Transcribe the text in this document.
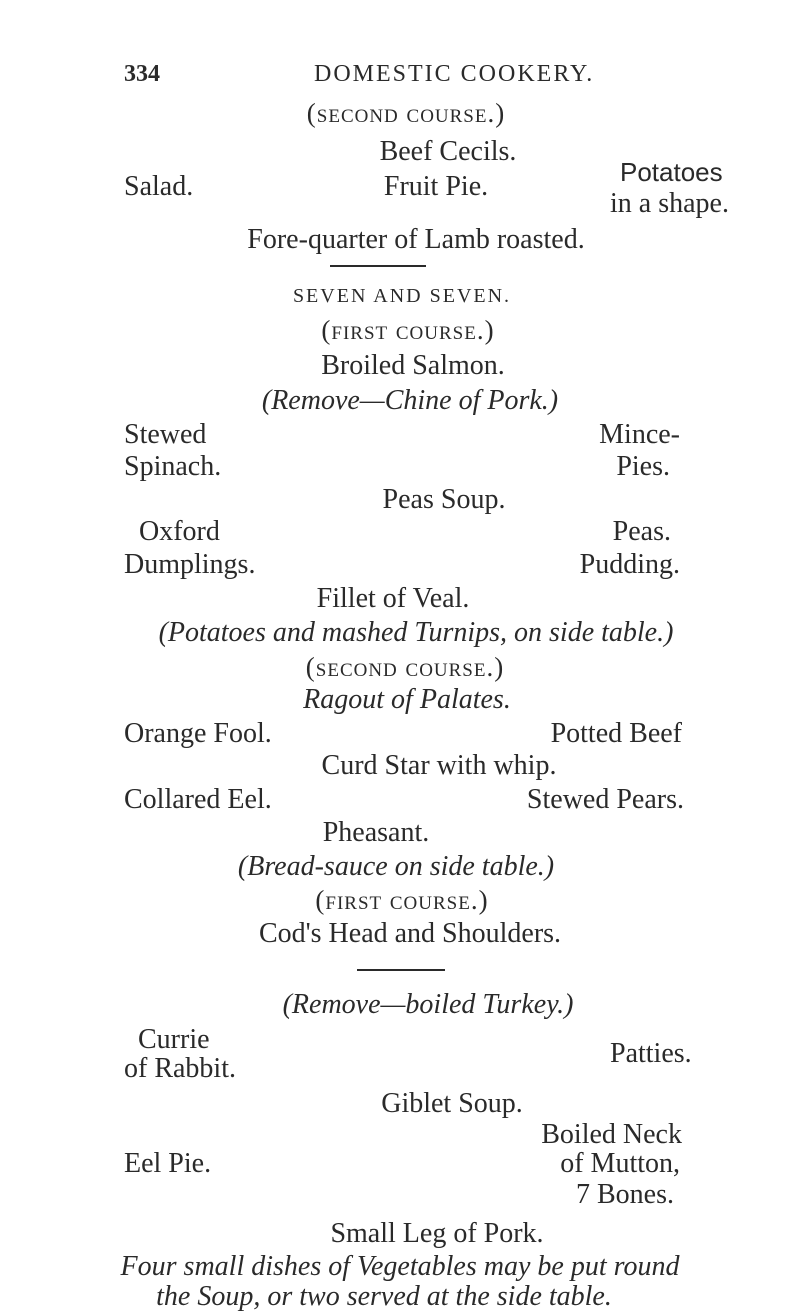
334	DOMESTIC COOKERY.
(second course.)
Beef Cecils.
Salad.	Fruit Pie.	Potatoes
in a shape.
Fore-quarter of Lamb roasted.
SEVEN AND SEVEN.
(first course.)
Broiled Salmon.
(Remove—Chine of Pork.)
Stewed
Spinach.
Mince-
Pies.
Peas Soup.
Oxford
Dumplings.
Peas.
Pudding.
Fillet of Veal.
(Potatoes and mashed Turnips, on side table.)
(second course.)
Ragout of Palates.
Orange Fool.	Potted Beef
Curd Star with whip.
Collared Eel.	Stewed Pears.
Pheasant.
(Bread-sauce on side table.)
(first course.)
Cod's Head and Shoulders.
(Remove—boiled Turkey.)
Currie
of Rabbit.	Patties.
Giblet Soup.
Boiled Neck
Eel Pie.	of Mutton,
7 Bones.
Small Leg of Pork.
Four small dishes of Vegetables may be put round
the Soup, or two served at the side table.
